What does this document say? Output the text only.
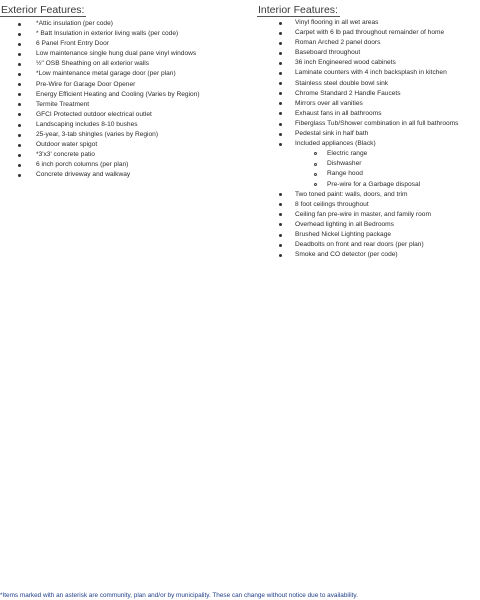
Exterior Features:
*Attic insulation (per code)
* Batt Insulation in exterior living walls (per code)
6 Panel Front Entry Door
Low maintenance single hung dual pane vinyl windows
½" OSB Sheathing on all exterior walls
*Low maintenance metal garage door (per plan)
Pre-Wire for Garage Door Opener
Energy Efficient Heating and Cooling (Varies by Region)
Termite Treatment
GFCI Protected outdoor electrical outlet
Landscaping includes 8-10 bushes
25-year, 3-tab shingles (varies by Region)
Outdoor water spigot
*3'x3' concrete patio
6 inch porch columns (per plan)
Concrete driveway and walkway
Interior Features:
Vinyl flooring in all wet areas
Carpet with 6 lb pad throughout remainder of home
Roman Arched 2 panel doors
Baseboard throughout
36 inch Engineered wood cabinets
Laminate counters with 4 inch backsplash in kitchen
Stainless steel double bowl sink
Chrome Standard 2 Handle Faucets
Mirrors over all vanities
Exhaust fans in all bathrooms
Fiberglass Tub/Shower combination in all full bathrooms
Pedestal sink in half bath
Included appliances (Black)
Electric range
Dishwasher
Range hood
Pre-wire for a Garbage disposal
Two toned paint: walls, doors, and trim
8 foot ceilings throughout
Ceiling fan pre-wire in master, and family room
Overhead lighting in all Bedrooms
Brushed Nickel Lighting package
Deadbolts on front and rear doors (per plan)
Smoke and CO detector (per code)
*Items marked with an asterisk are community, plan and/or by municipality. These can change without notice due to availability.
